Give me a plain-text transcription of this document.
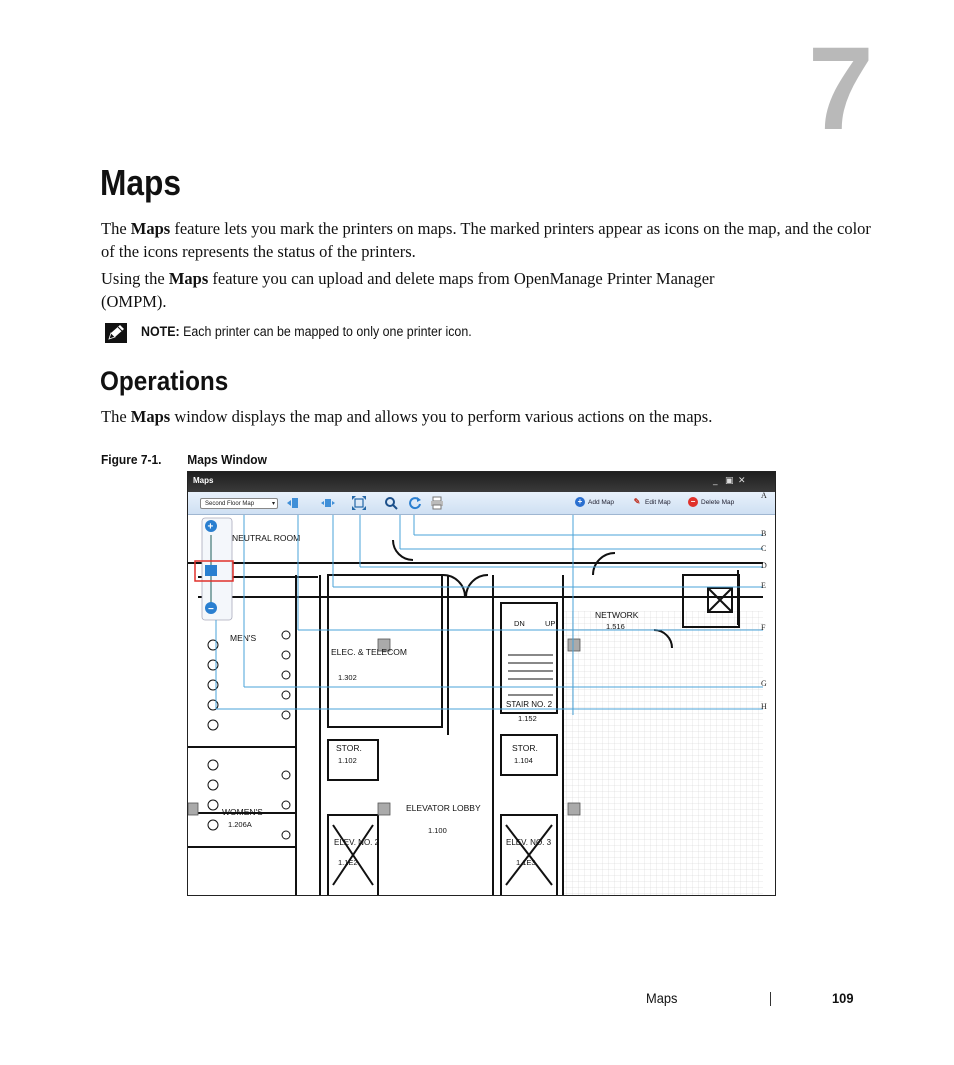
7
Maps
The Maps feature lets you mark the printers on maps. The marked printers appear as icons on the map, and the color of the icons represents the status of the printers.
Using the Maps feature you can upload and delete maps from OpenManage Printer Manager (OMPM).
NOTE: Each printer can be mapped to only one printer icon.
Operations
The Maps window displays the map and allows you to perform various actions on the maps.
Figure 7-1. Maps Window
Maps	_ ▣ ✕
Second Floor Map	▾	+ Add Map ✎ Edit Map	− Delete Map
NEUTRAL ROOM
MEN'S
ELEC. & TELECOM
1.302
NETWORK
1.516
DN	UP
STAIR NO. 2
1.152
STOR.
1.102
STOR.
1.104
ELEVATOR LOBBY
1.100
ELEV. NO. 2
1.1E2
ELEV. NO. 3
1.1E3
WOMEN'S
1.206A
+
−
A
B
C
D
E
F
G
H
Maps	109
